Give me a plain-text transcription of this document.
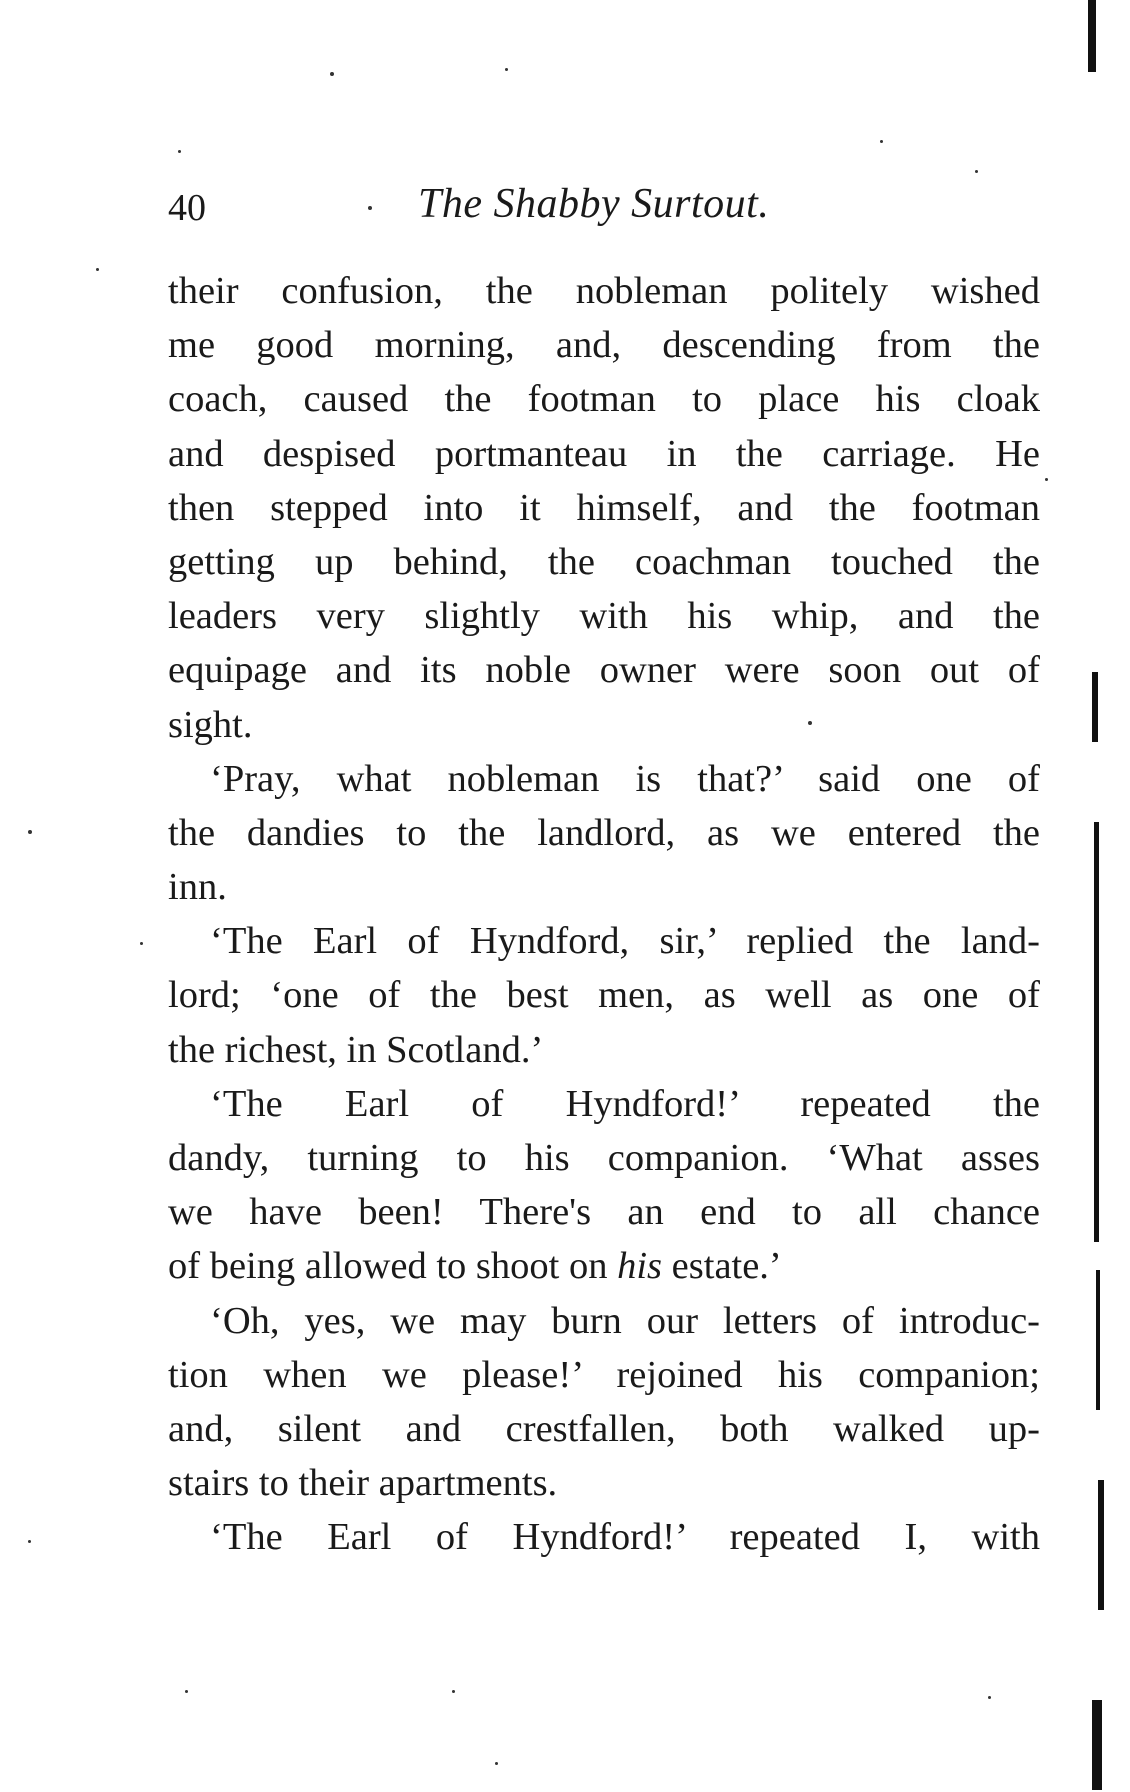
40	The Shabby Surtout.
their confusion, the nobleman politely wished
me good morning, and, descending from the
coach, caused the footman to place his cloak
and despised portmanteau in the carriage. He
then stepped into it himself, and the footman
getting up behind, the coachman touched the
leaders very slightly with his whip, and the
equipage and its noble owner were soon out of
sight.
‘Pray, what nobleman is that?’ said one of
the dandies to the landlord, as we entered the
inn.
‘The Earl of Hyndford, sir,’ replied the land-
lord; ‘one of the best men, as well as one of
the richest, in Scotland.’
‘The Earl of Hyndford!’ repeated the
dandy, turning to his companion. ‘What asses
we have been! There's an end to all chance
of being allowed to shoot on his estate.’
‘Oh, yes, we may burn our letters of introduc-
tion when we please!’ rejoined his companion;
and, silent and crestfallen, both walked up-
stairs to their apartments.
‘The Earl of Hyndford!’ repeated I, with
